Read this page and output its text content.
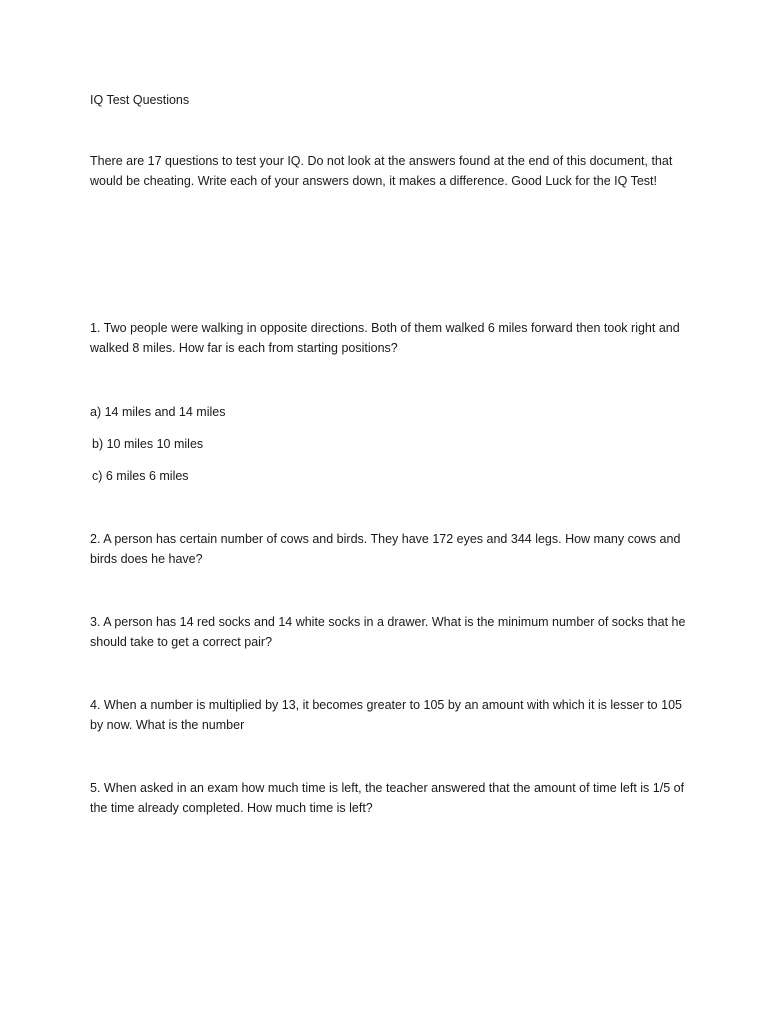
IQ Test Questions
There are 17 questions to test your IQ. Do not look at the answers found at the end of this document, that would be cheating. Write each of your answers down, it makes a difference. Good Luck for the IQ Test!
1. Two people were walking in opposite directions. Both of them walked 6 miles forward then took right and walked 8 miles. How far is each from starting positions?
a) 14 miles and 14 miles
b) 10 miles 10 miles
c) 6 miles 6 miles
2. A person has certain number of cows and birds. They have 172 eyes and 344 legs. How many cows and birds does he have?
3. A person has 14 red socks and 14 white socks in a drawer. What is the minimum number of socks that he should take to get a correct pair?
4. When a number is multiplied by 13, it becomes greater to 105 by an amount with which it is lesser to 105 by now. What is the number
5. When asked in an exam how much time is left, the teacher answered that the amount of time left is 1/5 of the time already completed. How much time is left?
